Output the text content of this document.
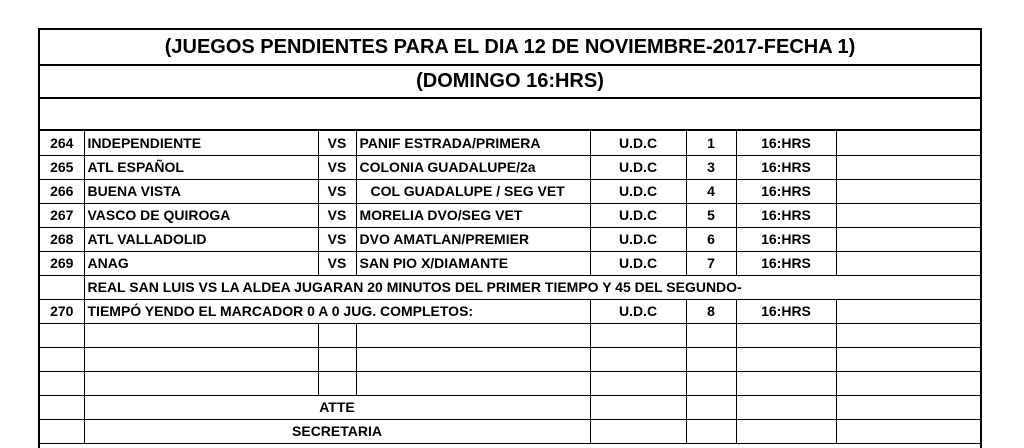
(JUEGOS PENDIENTES PARA EL DIA 12 DE NOVIEMBRE-2017-FECHA 1)
(DOMINGO 16:HRS)
264	INDEPENDIENTE	VS	PANIF ESTRADA/PRIMERA	U.D.C	1	16:HRS	
265	ATL ESPAÑOL	VS	COLONIA GUADALUPE/2a	U.D.C	3	16:HRS	
266	BUENA VISTA	VS	COL GUADALUPE / SEG VET	U.D.C	4	16:HRS	
267	VASCO DE QUIROGA	VS	MORELIA DVO/SEG VET	U.D.C	5	16:HRS	
268	ATL VALLADOLID	VS	DVO AMATLAN/PREMIER	U.D.C	6	16:HRS	
269	ANAG	VS	SAN PIO X/DIAMANTE	U.D.C	7	16:HRS	
	REAL SAN LUIS VS LA ALDEA JUGARAN 20 MINUTOS DEL PRIMER TIEMPO Y 45 DEL SEGUNDO-						
270	TIEMPÓ YENDO EL MARCADOR 0 A 0 JUG. COMPLETOS:			U.D.C	8	16:HRS	

	ATTE						
	SECRETARIA						
